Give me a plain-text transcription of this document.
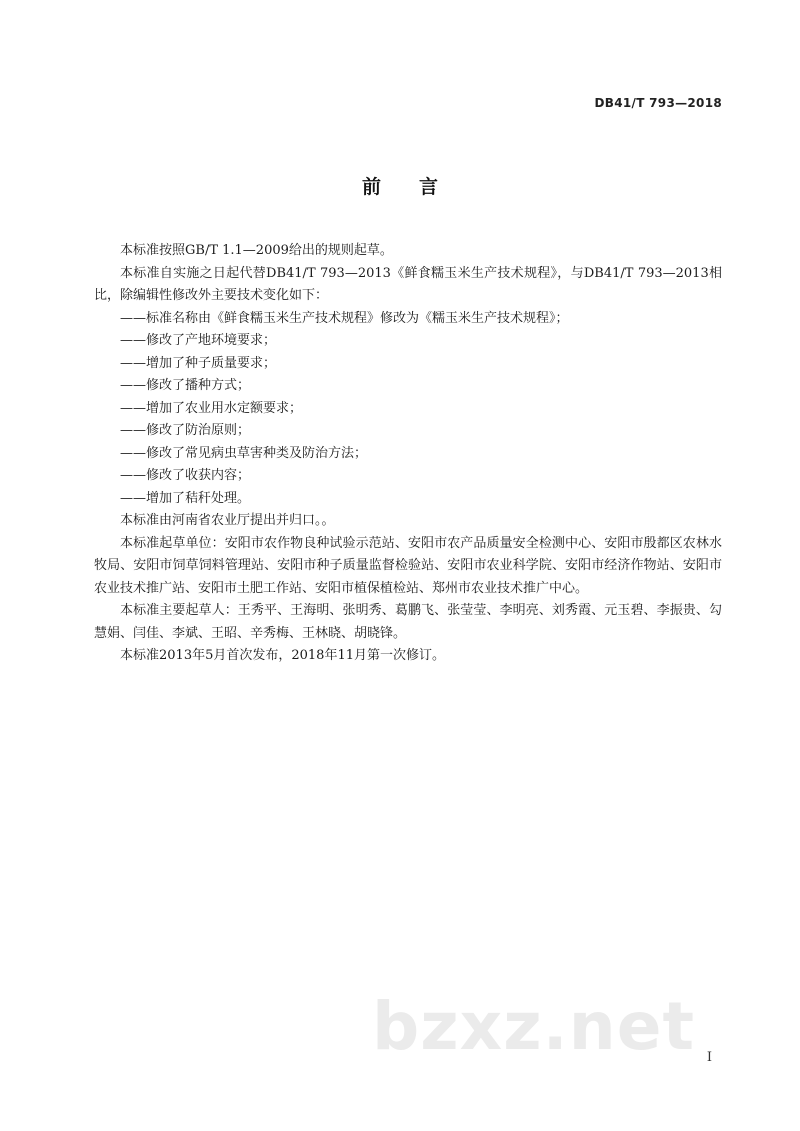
DB41/T 793—2018
前 言

本标准按照GB/T 1.1—2009给出的规则起草。

本标准自实施之日起代替DB41/T 793—2013《鲜食糯玉米生产技术规程》，与DB41/T 793—2013相比，除编辑性修改外主要技术变化如下：

——标准名称由《鲜食糯玉米生产技术规程》修改为《糯玉米生产技术规程》；

——修改了产地环境要求；

——增加了种子质量要求；

——修改了播种方式；

——增加了农业用水定额要求；

——修改了防治原则；

——修改了常见病虫草害种类及防治方法；

——修改了收获内容；

——增加了秸秆处理。

本标准由河南省农业厅提出并归口。。

本标准起草单位：安阳市农作物良种试验示范站、安阳市农产品质量安全检测中心、安阳市殷都区农林水牧局、安阳市饲草饲料管理站、安阳市种子质量监督检验站、安阳市农业科学院、安阳市经济作物站、安阳市农业技术推广站、安阳市土肥工作站、安阳市植保植检站、郑州市农业技术推广中心。

本标准主要起草人：王秀平、王海明、张明秀、葛鹏飞、张莹莹、李明亮、刘秀霞、元玉碧、李振贵、勾慧娟、闫佳、李斌、王昭、辛秀梅、王林晓、胡晓锋。

本标准2013年5月首次发布，2018年11月第一次修订。

bzxz.net I
